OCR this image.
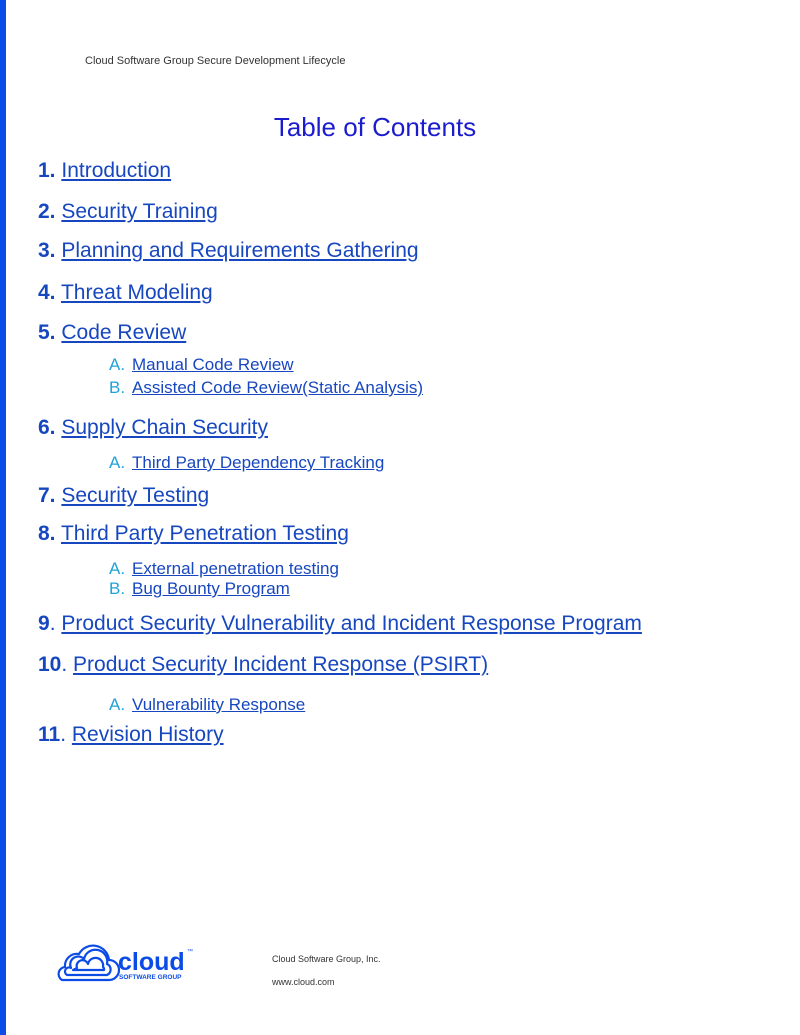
Cloud Software Group Secure Development Lifecycle
Table of Contents
1. Introduction
2. Security Training
3. Planning and Requirements Gathering
4. Threat Modeling
5. Code Review
A. Manual Code Review
B. Assisted Code Review(Static Analysis)
6. Supply Chain Security
A. Third Party Dependency Tracking
7. Security Testing
8. Third Party Penetration Testing
A. External penetration testing
B. Bug Bounty Program
9. Product Security Vulnerability and Incident Response Program
10. Product Security Incident Response (PSIRT)
A. Vulnerability Response
11. Revision History
cloud
SOFTWARE GROUP
™
Cloud Software Group, Inc.
www.cloud.com
